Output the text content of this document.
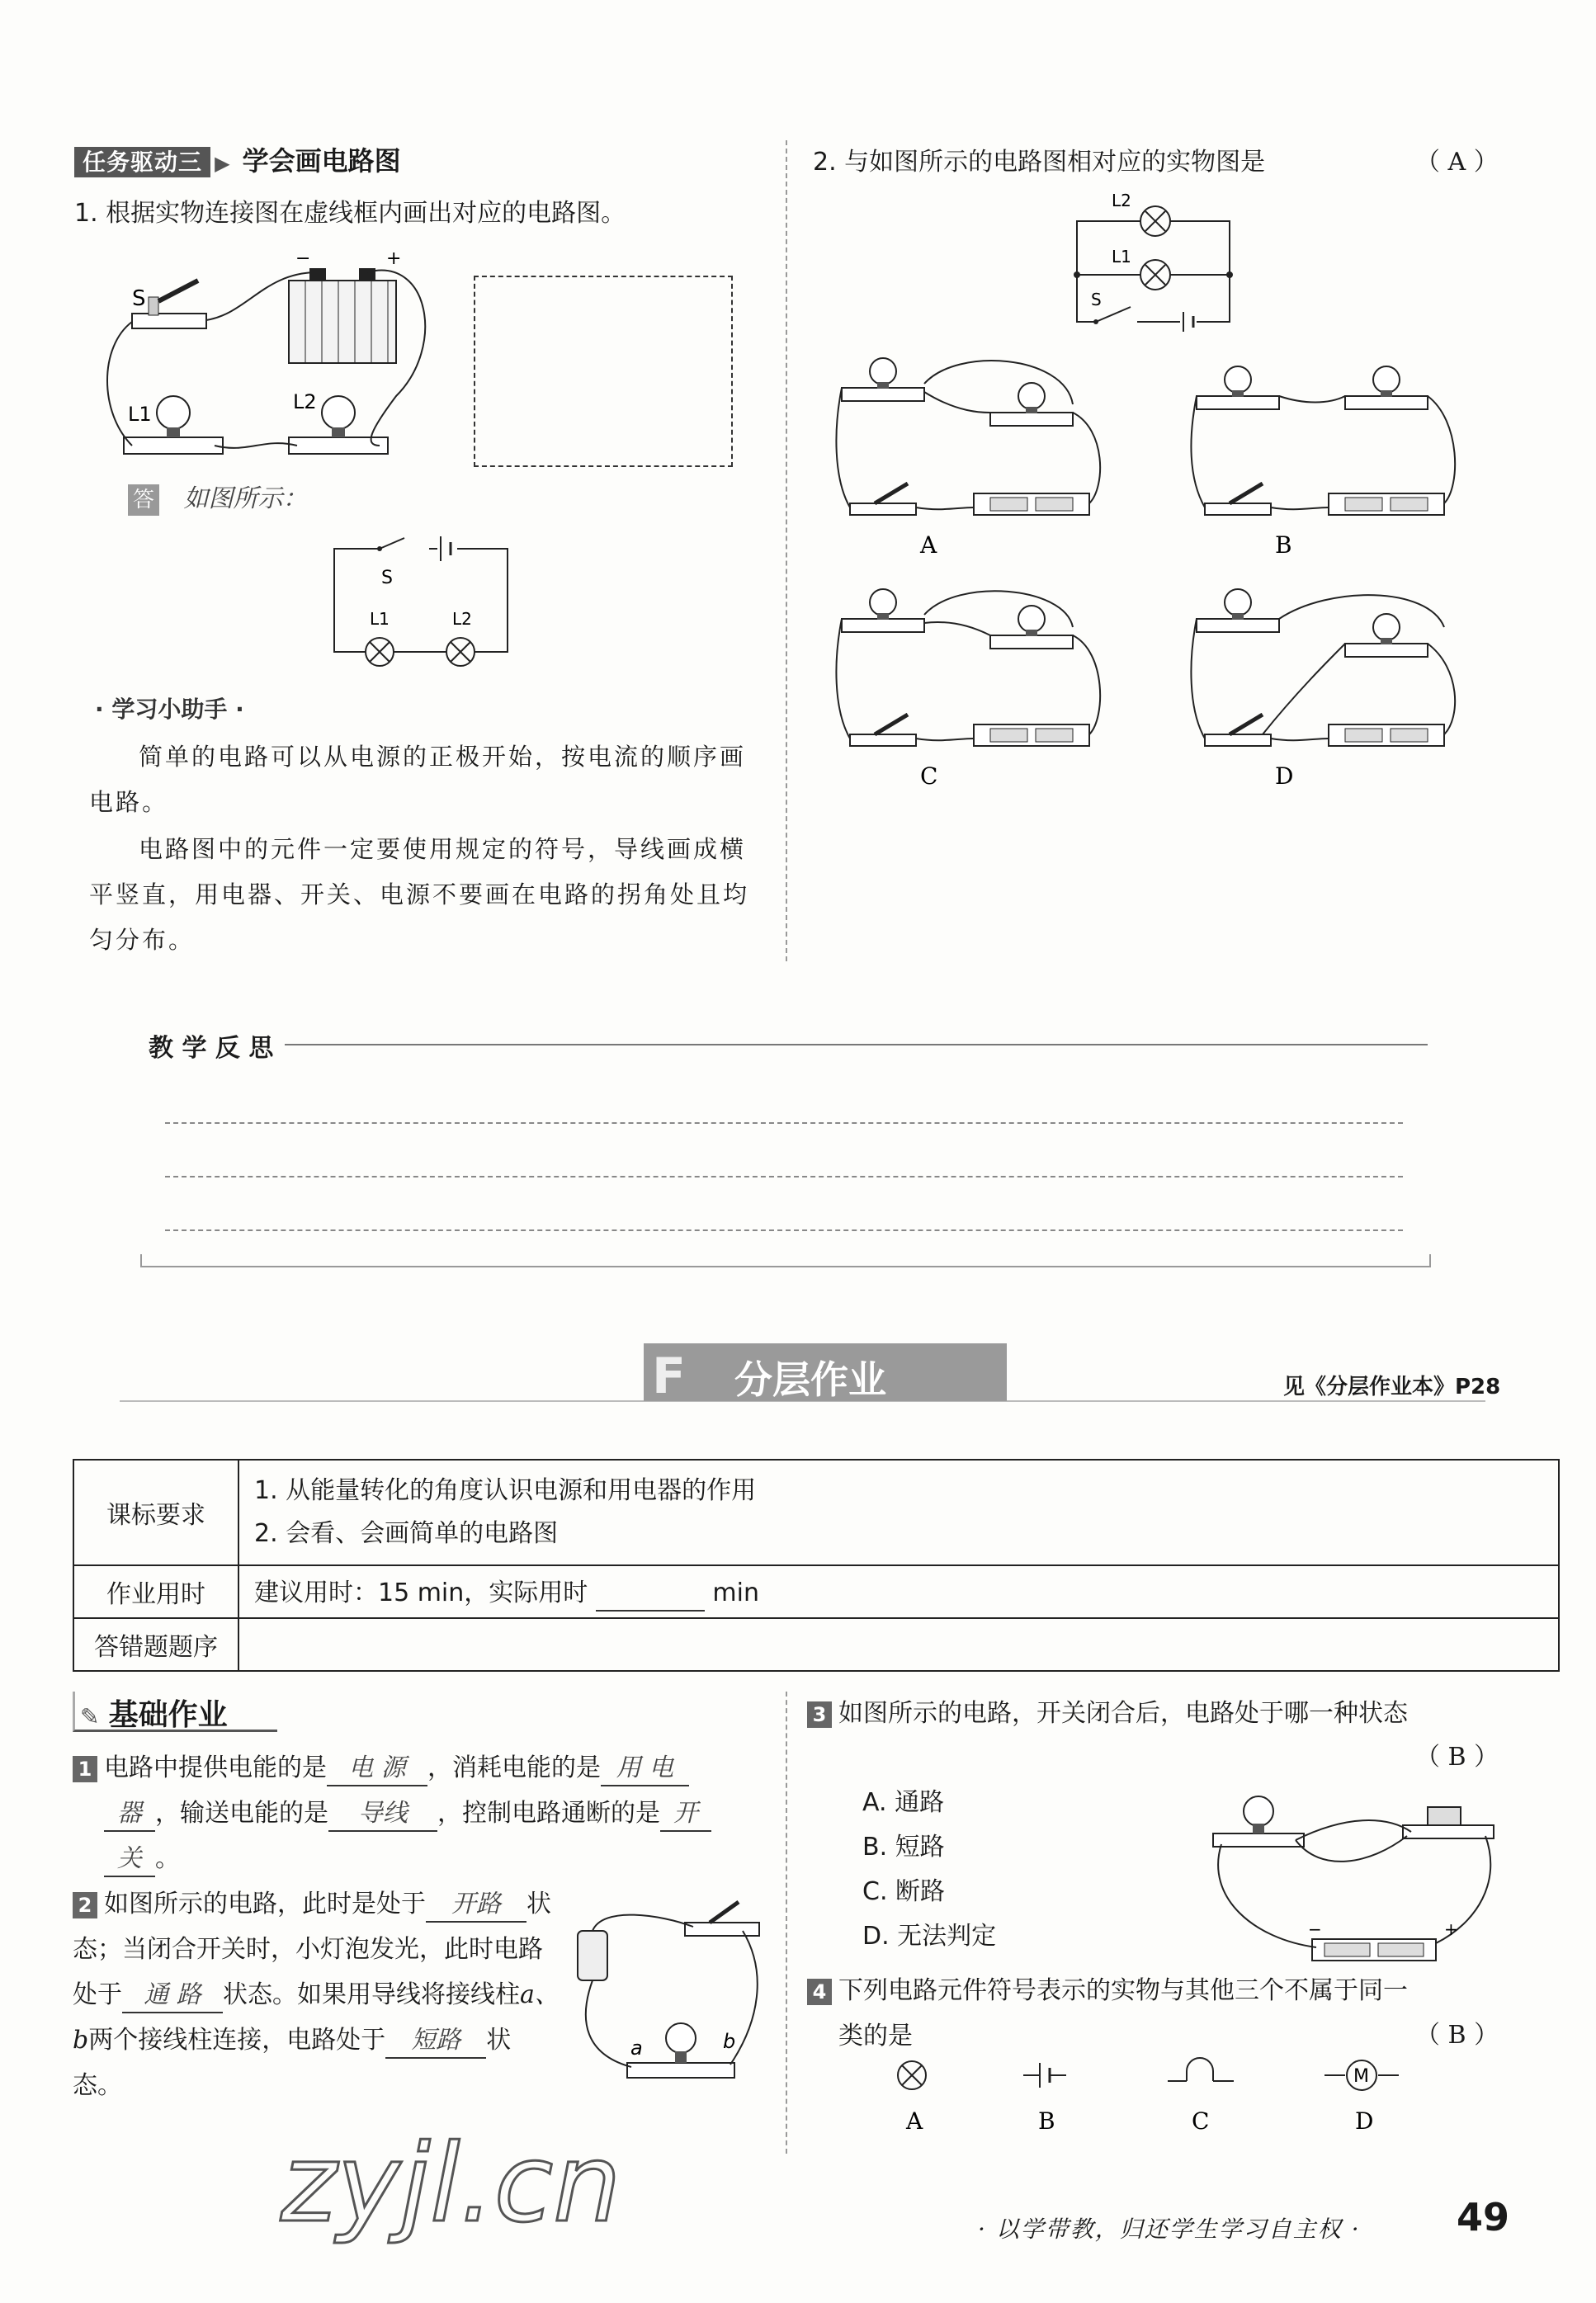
任务驱动三 ▶ 学会画电路图
1. 根据实物连接图在虚线框内画出对应的电路图。
S
−	+
L1
L2
答 如图所示：
S
L1	L2
· 学习小助手 ·
简单的电路可以从电源的正极开始，按电流的顺序画电路。
电路图中的元件一定要使用规定的符号，导线画成横平竖直，用电器、开关、电源不要画在电路的拐角处且均匀分布。
2. 与如图所示的电路图相对应的实物图是	（ A ）
L2
L1
S
A	B
C	D
教 学 反 思
F 分层作业	见《分层作业本》P28
课标要求	1. 从能量转化的角度认识电源和用电器的作用
2. 会看、会画简单的电路图

作业用时	建议用时：15 min，实际用时 min
答错题题序	
✎ 基础作业
1 电路中提供电能的是 电 源 ，消耗电能的是 用 电
器 ，输送电能的是 导线 ，控制电路通断的是 开
关 。
2 如图所示的电路，此时是处于 开路 状态；当闭合开关时，小灯泡发光，此时电路处于 通 路 状态。如果用导线将接线柱a、b两个接线柱连接，电路处于 短路 状态。
a	b
3 如图所示的电路，开关闭合后，电路处于哪一种状态
（ B ）
A. 通路
B. 短路
C. 断路
D. 无法判定	−	+
4 下列电路元件符号表示的实物与其他三个不属于同一
类的是	（ B ）
M
A	B	C	D
zyjl.cn	· 以学带教，归还学生学习自主权 ·	49
